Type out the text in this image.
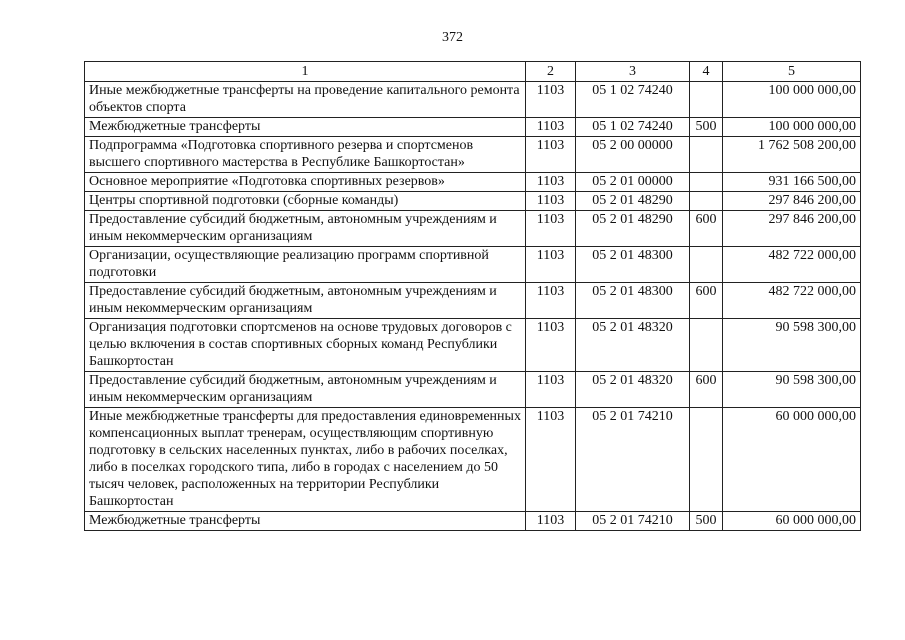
372
1	2	3	4	5
Иные межбюджетные трансферты на проведение капитального ремонта объектов спорта	1103	05 1 02 74240		100 000 000,00
Межбюджетные трансферты	1103	05 1 02 74240	500	100 000 000,00
Подпрограмма «Подготовка спортивного резерва и спортсменов высшего спортивного мастерства в Республике Башкортостан»	1103	05 2 00 00000		1 762 508 200,00
Основное мероприятие «Подготовка спортивных резервов»	1103	05 2 01 00000		931 166 500,00
Центры спортивной подготовки (сборные команды)	1103	05 2 01 48290		297 846 200,00
Предоставление субсидий бюджетным, автономным учреждениям и иным некоммерческим организациям	1103	05 2 01 48290	600	297 846 200,00
Организации, осуществляющие реализацию программ спортивной подготовки	1103	05 2 01 48300		482 722 000,00
Предоставление субсидий бюджетным, автономным учреждениям и иным некоммерческим организациям	1103	05 2 01 48300	600	482 722 000,00
Организация подготовки спортсменов на основе трудовых договоров с целью включения в состав спортивных сборных команд Республики Башкортостан	1103	05 2 01 48320		90 598 300,00
Предоставление субсидий бюджетным, автономным учреждениям и иным некоммерческим организациям	1103	05 2 01 48320	600	90 598 300,00
Иные межбюджетные трансферты для предоставления единовременных компенсационных выплат тренерам, осуществляющим спортивную подготовку в сельских населенных пунктах, либо в рабочих поселках, либо в поселках городского типа, либо в городах с населением до 50 тысяч человек, расположенных на территории Республики Башкортостан	1103	05 2 01 74210		60 000 000,00
Межбюджетные трансферты	1103	05 2 01 74210	500	60 000 000,00
